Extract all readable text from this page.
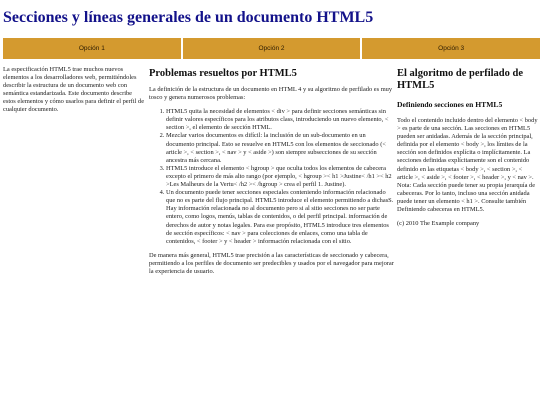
Secciones y líneas generales de un documento HTML5
Opción 1	Opción 2	Opción 3

La especificación HTML5 trae muchos nuevos elementos a los desarrolladores web, permitiéndoles describir la estructura de un documento web con semántica estandarizada. Este documento describe estos elementos y cómo usarlos para definir el perfil de cualquier documento.

Problemas resueltos por HTML5

La definición de la estructura de un documento en HTML 4 y su algoritmo de perfilado es muy tosco y genera numerosos problemas:

1. HTML5 quita la necesidad de elementos < div > para definir secciones semánticas sin definir valores específicos para los atributos class, introduciendo un nuevo elemento, < section >, el elemento de sección HTML.
2. Mezclar varios documentos es difícil: la inclusión de un sub-documento en un documento principal. Esto se resuelve en HTML5 con los elementos de seccionado (< article >, < section >, < nav > y < aside >) son siempre subsecciones de su sección ancestra más cercana.
3. HTML5 introduce el elemento < hgroup > que oculta todos los elementos de cabecera excepto el primero de más alto rango (por ejemplo, < hgroup >< h1 >Justine< /h1 >< h2 >Les Malheurs de la Vertu< /h2 >< /hgroup > crea el perfil 1. Justine).
4. Un documento puede tener secciones especiales conteniendo información relacionado que no es parte del flujo principal. HTML5 introduce el elemento permitiendo a dichasS. Hay información relacionada no al documento pero si al sitio secciones no ser parte entero, como logos, menús, tablas de contenidos, o del perfil principal. información de derechos de autor y notas legales. Para ese propósito, HTML5 introduce tres elementos de sección específicos: < nav > para colecciones de enlaces, como una tabla de contenidos, < footer > y < header > información relacionada con el sitio.

De manera más general, HTML5 trae precisión a las características de seccionado y cabecera, permitiendo a los perfiles de documento ser predecibles y usados por el navegador para mejorar la experiencia de usuario.

El algoritmo de perfilado de HTML5
Definiendo secciones en HTML5

Todo el contenido incluido dentro del elemento < body > es parte de una sección. Las secciones en HTML5 pueden ser anidadas. Además de la sección principal, definida por el elemento < body >, los límites de la sección son definidos explícita o implícitamente. La secciones definidas explícitamente son el contenido definido en las etiquetas < body >, < section >, < article >, < aside >, < footer >, < header >, y < nav >. Nota: Cada sección puede tener su propia jerarquía de cabeceras. Por lo tanto, incluso una sección anidada puede tener un elemento < h1 >. Consulte también Definiendo cabeceras en HTML5.

(c) 2010 The Example company
